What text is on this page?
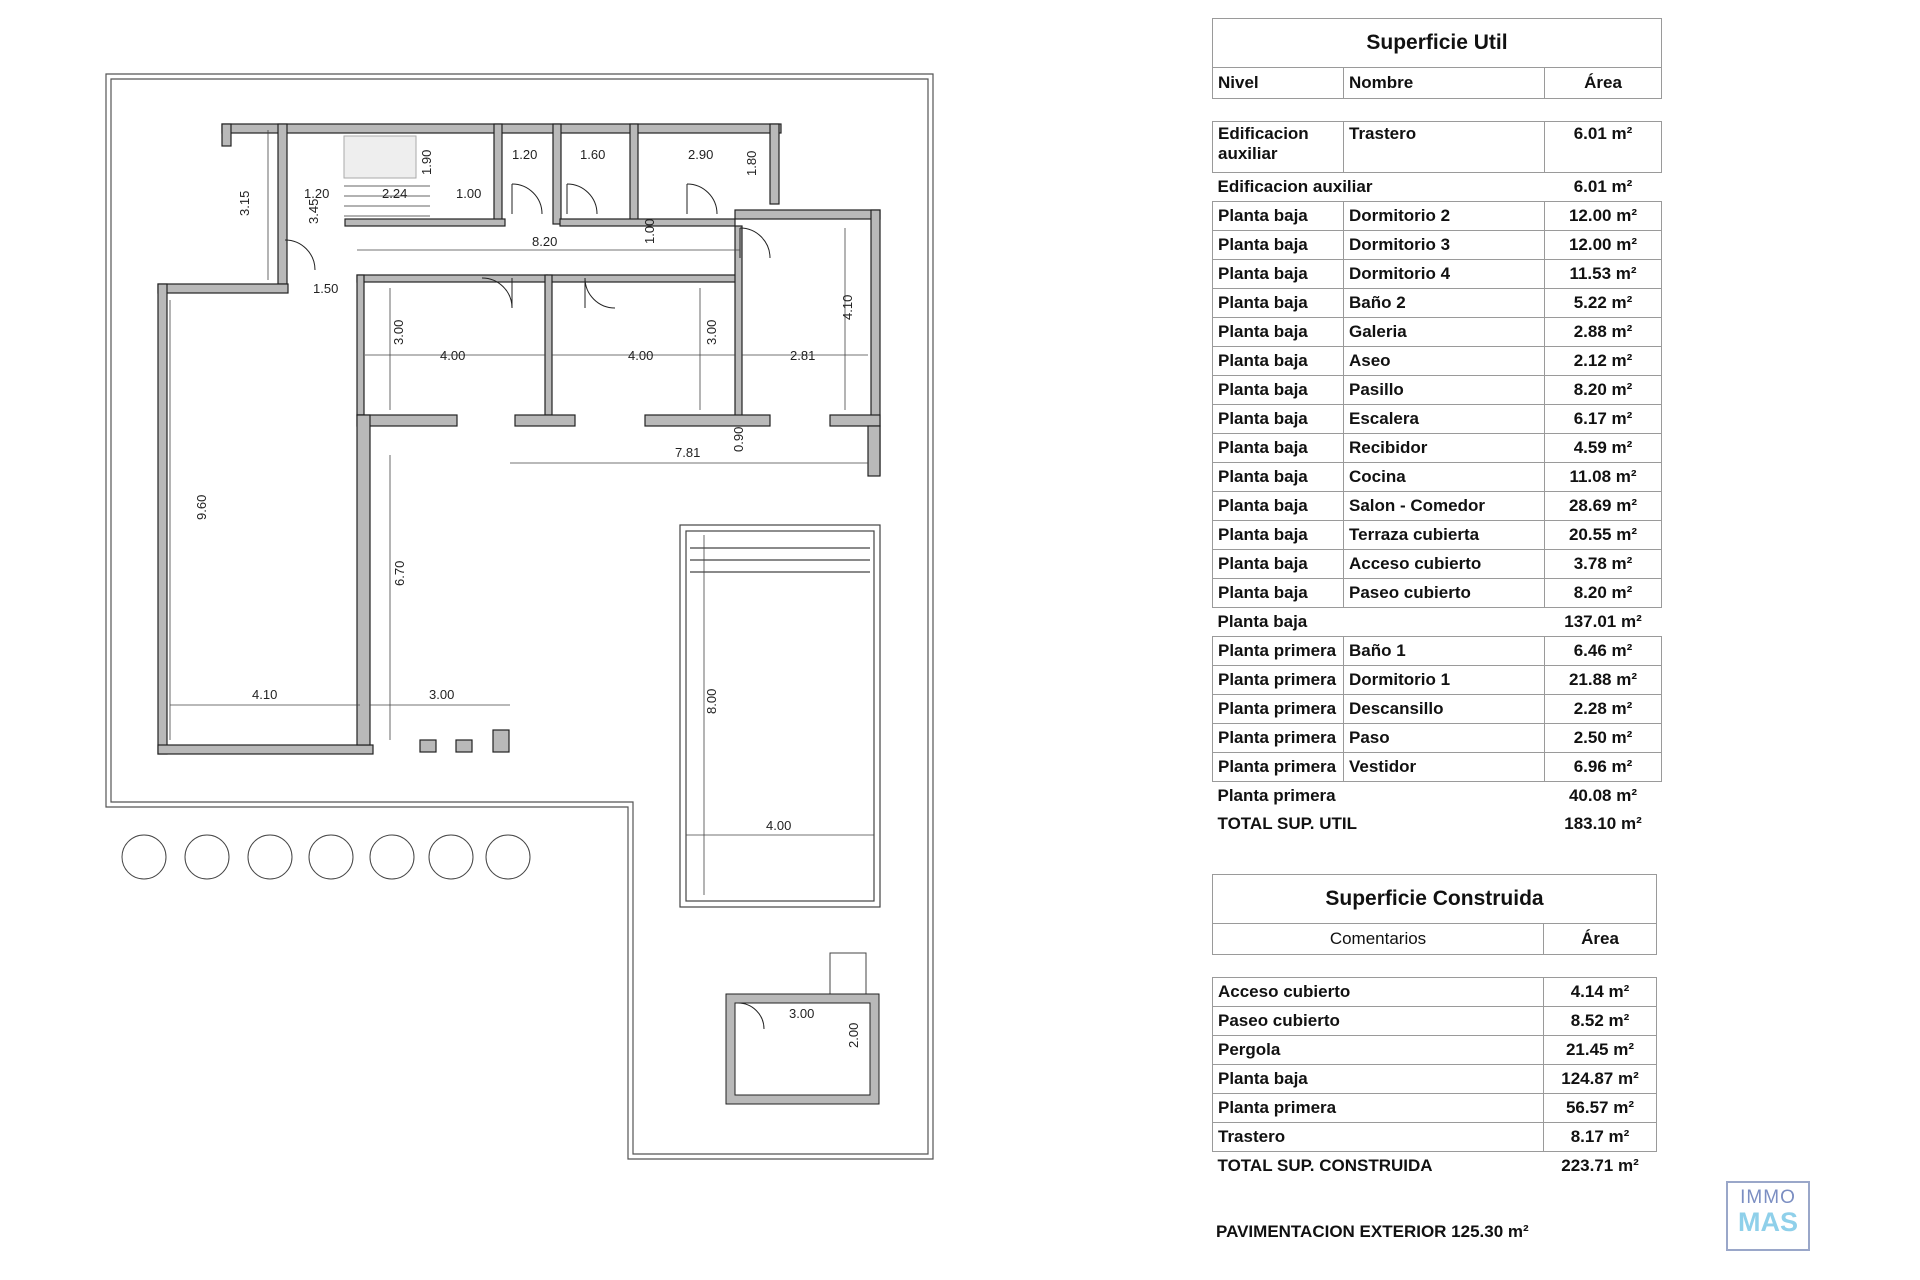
3.15	1.20	2.24
1.90
1.00
3.45
1.20	1.60	2.90 1.80
8.20	1.00
1.50
3.00
4.00	4.00
3.00
2.81
4.10
7.81
0.90
9.60
6.70
4.10	3.00	8.00
4.00
3.00
2.00
Superficie Util		
Nivel	Nombre	Área

Edificacion auxiliar	Trastero	6.01 m²
Edificacion auxiliar		6.01 m²
Planta baja	Dormitorio 2	12.00 m²
Planta baja	Dormitorio 3	12.00 m²
Planta baja	Dormitorio 4	11.53 m²
Planta baja	Baño 2	5.22 m²
Planta baja	Galeria	2.88 m²
Planta baja	Aseo	2.12 m²
Planta baja	Pasillo	8.20 m²
Planta baja	Escalera	6.17 m²
Planta baja	Recibidor	4.59 m²
Planta baja	Cocina	11.08 m²
Planta baja	Salon - Comedor	28.69 m²
Planta baja	Terraza cubierta	20.55 m²
Planta baja	Acceso cubierto	3.78 m²
Planta baja	Paseo cubierto	8.20 m²
Planta baja		137.01 m²
Planta primera	Baño 1	6.46 m²
Planta primera	Dormitorio 1	21.88 m²
Planta primera	Descansillo	2.28 m²
Planta primera	Paso	2.50 m²
Planta primera	Vestidor	6.96 m²
Planta primera		40.08 m²
TOTAL SUP. UTIL		183.10 m²
Superficie Construida	
Comentarios	Área

Acceso cubierto	4.14 m²
Paseo cubierto	8.52 m²
Pergola	21.45 m²
Planta baja	124.87 m²
Planta primera	56.57 m²
Trastero	8.17 m²
TOTAL SUP. CONSTRUIDA	223.71 m²
PAVIMENTACION EXTERIOR 125.30 m²
IMMO
MAS
